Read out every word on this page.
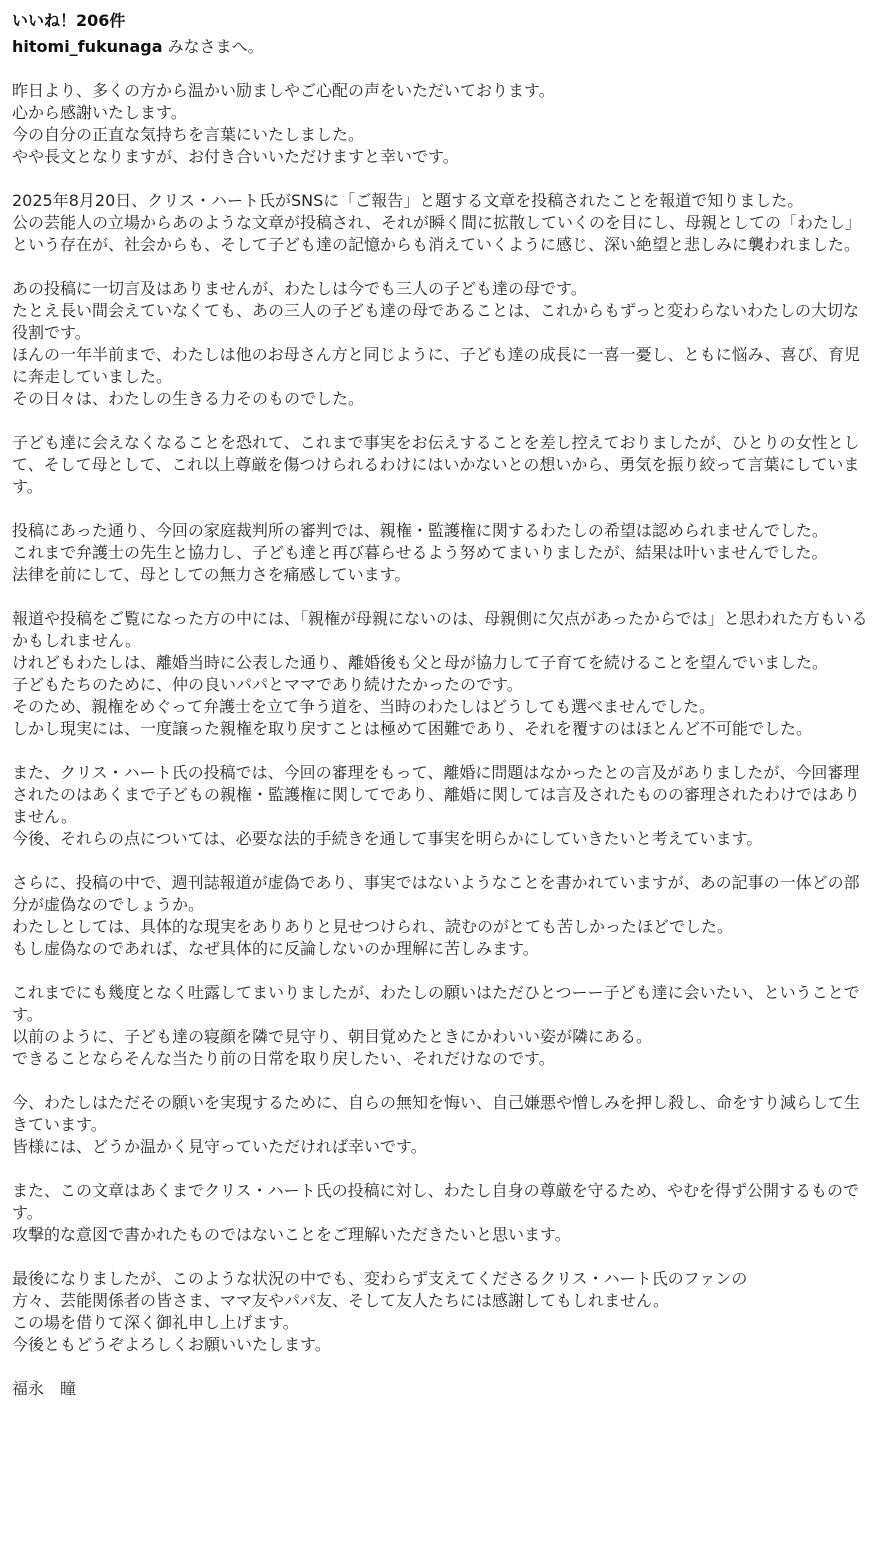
いいね！206件
hitomi_fukunaga みなさまへ。
昨日より、多くの方から温かい励ましやご心配の声をいただいております。
心から感謝いたします。
今の自分の正直な気持ちを言葉にいたしました。
やや長文となりますが、お付き合いいただけますと幸いです。
2025年8月20日、クリス・ハート氏がSNSに「ご報告」と題する文章を投稿されたことを報道で知りました。
公の芸能人の立場からあのような文章が投稿され、それが瞬く間に拡散していくのを目にし、母親としての「わたし」という存在が、社会からも、そして子ども達の記憶からも消えていくように感じ、深い絶望と悲しみに襲われました。
あの投稿に一切言及はありませんが、わたしは今でも三人の子ども達の母です。
たとえ長い間会えていなくても、あの三人の子ども達の母であることは、これからもずっと変わらないわたしの大切な役割です。
ほんの一年半前まで、わたしは他のお母さん方と同じように、子ども達の成長に一喜一憂し、ともに悩み、喜び、育児に奔走していました。
その日々は、わたしの生きる力そのものでした。
子ども達に会えなくなることを恐れて、これまで事実をお伝えすることを差し控えておりましたが、ひとりの女性として、そして母として、これ以上尊厳を傷つけられるわけにはいかないとの想いから、勇気を振り絞って言葉にしています。
投稿にあった通り、今回の家庭裁判所の審判では、親権・監護権に関するわたしの希望は認められませんでした。
これまで弁護士の先生と協力し、子ども達と再び暮らせるよう努めてまいりましたが、結果は叶いませんでした。
法律を前にして、母としての無力さを痛感しています。
報道や投稿をご覧になった方の中には、「親権が母親にないのは、母親側に欠点があったからでは」と思われた方もいるかもしれません。
けれどもわたしは、離婚当時に公表した通り、離婚後も父と母が協力して子育てを続けることを望んでいました。
子どもたちのために、仲の良いパパとママであり続けたかったのです。
そのため、親権をめぐって弁護士を立て争う道を、当時のわたしはどうしても選べませんでした。
しかし現実には、一度譲った親権を取り戻すことは極めて困難であり、それを覆すのはほとんど不可能でした。
また、クリス・ハート氏の投稿では、今回の審理をもって、離婚に問題はなかったとの言及がありましたが、今回審理されたのはあくまで子どもの親権・監護権に関してであり、離婚に関しては言及されたものの審理されたわけではありません。
今後、それらの点については、必要な法的手続きを通して事実を明らかにしていきたいと考えています。
さらに、投稿の中で、週刊誌報道が虚偽であり、事実ではないようなことを書かれていますが、あの記事の一体どの部分が虚偽なのでしょうか。
わたしとしては、具体的な現実をありありと見せつけられ、読むのがとても苦しかったほどでした。
もし虚偽なのであれば、なぜ具体的に反論しないのか理解に苦しみます。
これまでにも幾度となく吐露してまいりましたが、わたしの願いはただひとつーー子ども達に会いたい、ということです。
以前のように、子ども達の寝顔を隣で見守り、朝目覚めたときにかわいい姿が隣にある。
できることならそんな当たり前の日常を取り戻したい、それだけなのです。
今、わたしはただその願いを実現するために、自らの無知を悔い、自己嫌悪や憎しみを押し殺し、命をすり減らして生きています。
皆様には、どうか温かく見守っていただければ幸いです。
また、この文章はあくまでクリス・ハート氏の投稿に対し、わたし自身の尊厳を守るため、やむを得ず公開するものです。
攻撃的な意図で書かれたものではないことをご理解いただきたいと思います。
最後になりましたが、このような状況の中でも、変わらず支えてくださるクリス・ハート氏のファンの
方々、芸能関係者の皆さま、ママ友やパパ友、そして友人たちには感謝してもしれません。
この場を借りて深く御礼申し上げます。
今後ともどうぞよろしくお願いいたします。
福永　瞳
